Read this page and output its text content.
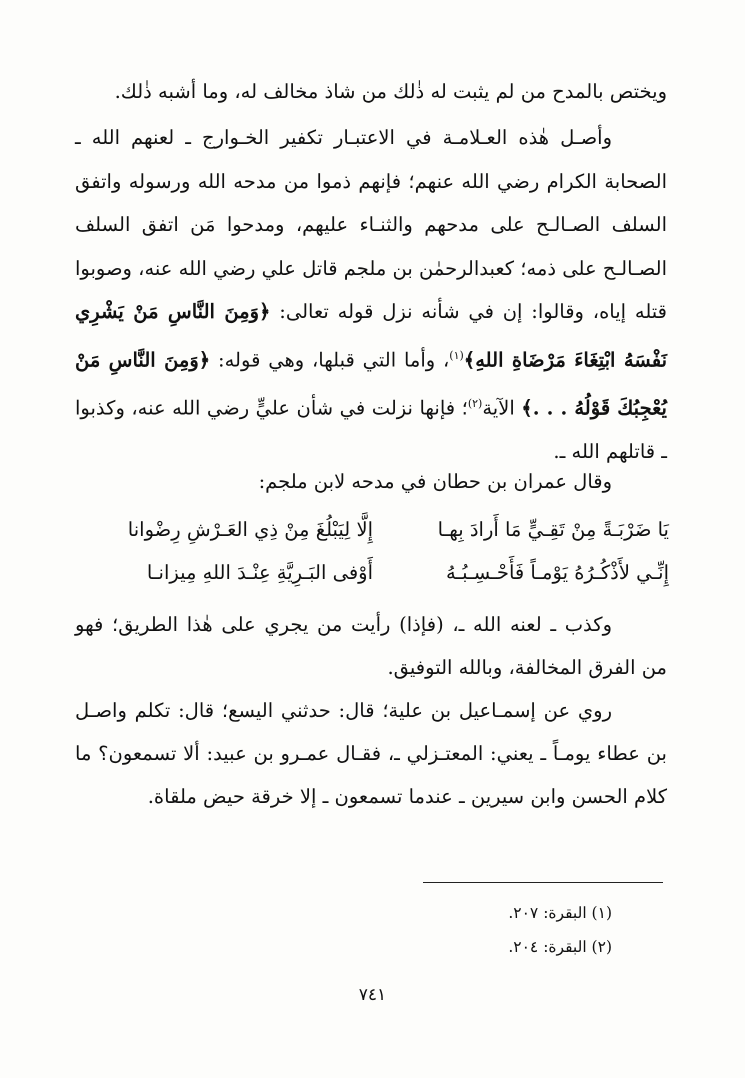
ويختص بالمدح من لم يثبت له ذٰلك من شاذ مخالف له، وما أشبه ذٰلك.

وأصـل هٰذه العـلامـة في الاعتبـار تكفير الخـوارج ـ لعنهم الله ـ الصحابة الكرام رضي الله عنهم؛ فإنهم ذموا من مدحه الله ورسوله واتفق السلف الصـالـح على مدحهم والثنـاء عليهم، ومدحوا مَن اتفق السلف الصـالـح على ذمه؛ كعبدالرحمٰن بن ملجم قاتل علي رضي الله عنه، وصوبوا قتله إياه، وقالوا: إن في شأنه نزل قوله تعالى: ﴿وَمِنَ النَّاسِ مَنْ يَشْرِي نَفْسَهُ ابْتِغَاءَ مَرْضَاةِ اللهِ﴾$^{(١)}$، وأما التي قبلها، وهي قوله: ﴿وَمِنَ النَّاسِ مَنْ يُعْجِبُكَ قَوْلُهُ . . .﴾ الآية$^{(٢)}$؛ فإنها نزلت في شأن عليٍّ رضي الله عنه، وكذبوا ـ قاتلهم الله ـ.

وقال عمران بن حطان في مدحه لابن ملجم:

يَا ضَرْبَـةً مِنْ تَقِـيٍّ مَا أَرادَ بِهـا
إِلَّا لِيَبْلُغَ مِنْ ذِي العَـرْشِ رِضْوانا
إِنِّـي لأَذْكُـرُهُ يَوْمـاً فَأَحْـسِـبُـهُ
أَوْفى البَـرِيَّةِ عِنْـدَ اللهِ مِيزانـا

وكذب ـ لعنه الله ـ، (فإذا) رأيت من يجري على هٰذا الطريق؛ فهو من الفرق المخالفة، وبالله التوفيق.

روي عن إسمـاعيل بن علية؛ قال: حدثني اليسع؛ قال: تكلم واصـل بن عطاء يومـاً ـ يعني: المعتـزلي ـ، فقـال عمـرو بن عبيد: ألا تسمعون؟ ما كلام الحسن وابن سيرين ـ عندما تسمعون ـ إلا خرقة حيض ملقاة.

(١) البقرة: ٢٠٧.
(٢) البقرة: ٢٠٤.
٧٤١
